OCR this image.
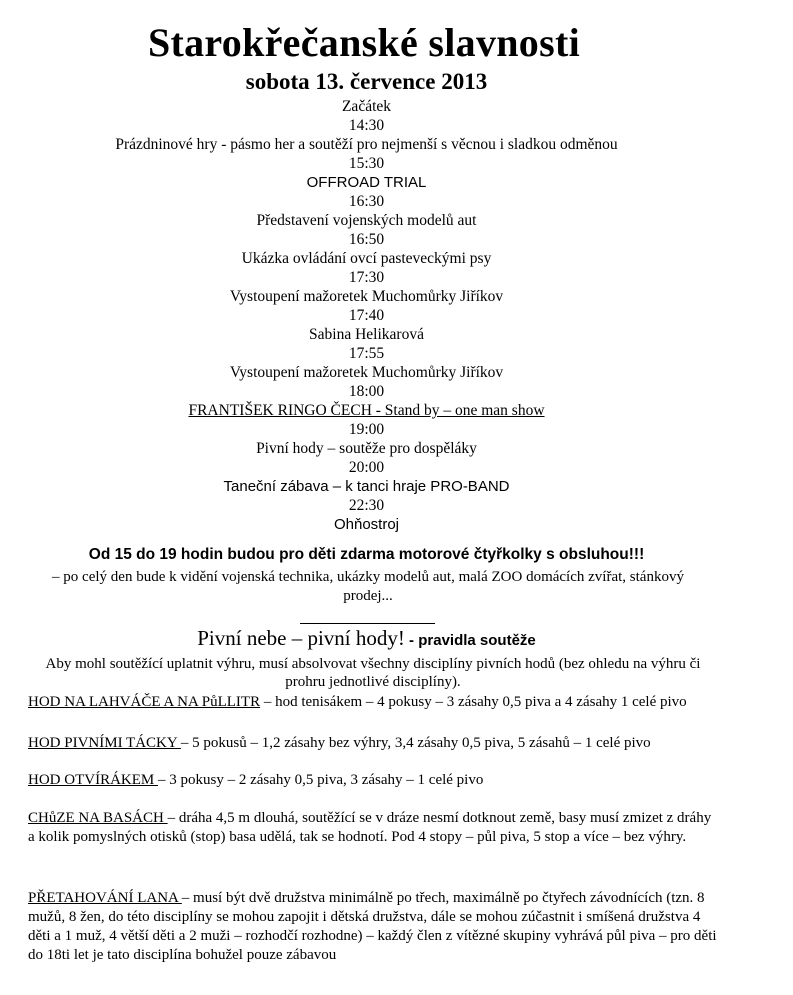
Starokřečanské slavnosti
sobota 13. července 2013
Začátek
14:30
Prázdninové hry - pásmo her a soutěží pro nejmenší s věcnou i sladkou odměnou
15:30
OFFROAD TRIAL
16:30
Představení vojenských modelů aut
16:50
Ukázka ovládání ovcí pasteveckými psy
17:30
Vystoupení mažoretek Muchomůrky Jiříkov
17:40
Sabina Helikarová
17:55
Vystoupení mažoretek Muchomůrky Jiříkov
18:00
FRANTIŠEK RINGO ČECH - Stand by – one man show
19:00
Pivní hody – soutěže pro dospěláky
20:00
Taneční zábava – k tanci hraje PRO-BAND
22:30
Ohňostroj
Od 15 do 19 hodin budou pro děti zdarma motorové čtyřkolky s obsluhou!!!
– po celý den bude k vidění vojenská technika, ukázky modelů aut, malá ZOO domácích zvířat, stánkový prodej...
Pivní nebe – pivní hody! - pravidla soutěže
Aby mohl soutěžící uplatnit výhru, musí absolvovat všechny disciplíny pivních hodů (bez ohledu na výhru či prohru jednotlivé disciplíny).
HOD NA LAHVÁČE A NA PůLLITR – hod tenisákem – 4 pokusy – 3 zásahy 0,5 piva a 4 zásahy 1 celé pivo
HOD PIVNÍMI TÁCKY – 5 pokusů – 1,2 zásahy bez výhry, 3,4 zásahy 0,5 piva, 5 zásahů – 1 celé pivo
HOD OTVÍRÁKEM – 3 pokusy – 2 zásahy 0,5 piva, 3 zásahy – 1 celé pivo
CHůZE NA BASÁCH – dráha 4,5 m dlouhá, soutěžící se v dráze nesmí dotknout země, basy musí zmizet z dráhy a kolik pomyslných otisků (stop) basa udělá, tak se hodnotí. Pod 4 stopy – půl piva, 5 stop a více – bez výhry.
PŘETAHOVÁNÍ LANA – musí být dvě družstva minimálně po třech, maximálně po čtyřech závodnících (tzn. 8 mužů, 8 žen, do této disciplíny se mohou zapojit i dětská družstva, dále se mohou zúčastnit i smíšená družstva 4 děti a 1 muž, 4 větší děti a 2 muži – rozhodčí rozhodne) – každý člen z vítězné skupiny vyhrává půl piva – pro děti do 18ti let je tato disciplína bohužel pouze zábavou
